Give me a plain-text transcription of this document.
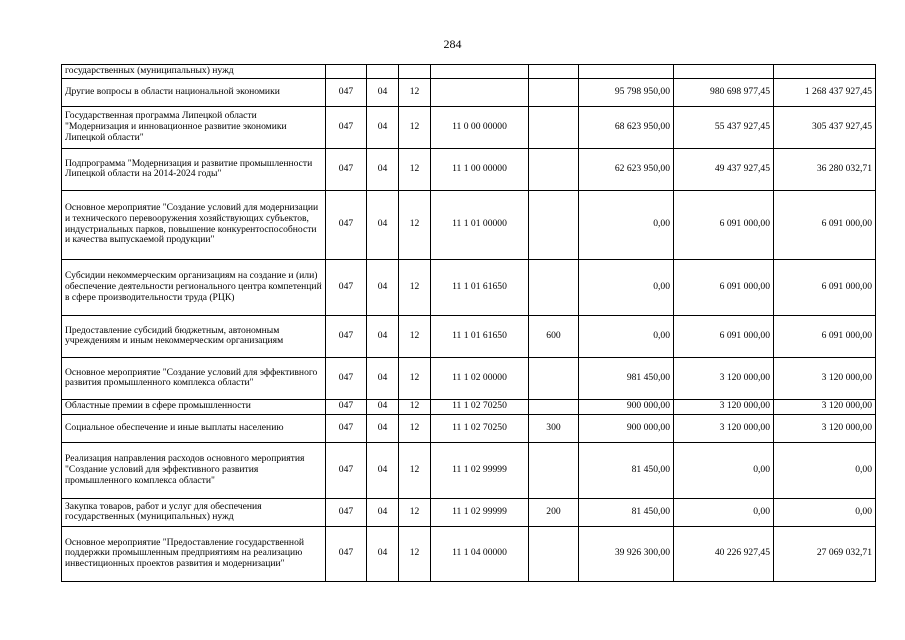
284
государственных (муниципальных) нужд								
Другие вопросы в области национальной экономики	047	04	12			95 798 950,00	980 698 977,45	1 268 437 927,45
Государственная программа Липецкой области "Модернизация и инновационное развитие экономики Липецкой области"	047	04	12	11 0 00 00000		68 623 950,00	55 437 927,45	305 437 927,45
Подпрограмма "Модернизация и развитие промышленности Липецкой области на 2014-2024 годы"	047	04	12	11 1 00 00000		62 623 950,00	49 437 927,45	36 280 032,71
Основное мероприятие "Создание условий для модернизации и технического перевооружения хозяйствующих субъектов, индустриальных парков, повышение конкурентоспособности и качества выпускаемой продукции"	047	04	12	11 1 01 00000		0,00	6 091 000,00	6 091 000,00
Субсидии некоммерческим организациям на создание и (или) обеспечение деятельности регионального центра компетенций в сфере производительности труда (РЦК)	047	04	12	11 1 01 61650		0,00	6 091 000,00	6 091 000,00
Предоставление субсидий бюджетным, автономным учреждениям и иным некоммерческим организациям	047	04	12	11 1 01 61650	600	0,00	6 091 000,00	6 091 000,00
Основное мероприятие "Создание условий для эффективного развития промышленного комплекса области"	047	04	12	11 1 02 00000		981 450,00	3 120 000,00	3 120 000,00
Областные премии в сфере промышленности	047	04	12	11 1 02 70250		900 000,00	3 120 000,00	3 120 000,00
Социальное обеспечение и иные выплаты населению	047	04	12	11 1 02 70250	300	900 000,00	3 120 000,00	3 120 000,00
Реализация направления расходов основного мероприятия "Создание условий для эффективного развития промышленного комплекса области"	047	04	12	11 1 02 99999		81 450,00	0,00	0,00
Закупка товаров, работ и услуг для обеспечения государственных (муниципальных) нужд	047	04	12	11 1 02 99999	200	81 450,00	0,00	0,00
Основное мероприятие "Предоставление государственной поддержки промышленным предприятиям на реализацию инвестиционных проектов развития и модернизации"	047	04	12	11 1 04 00000		39 926 300,00	40 226 927,45	27 069 032,71
